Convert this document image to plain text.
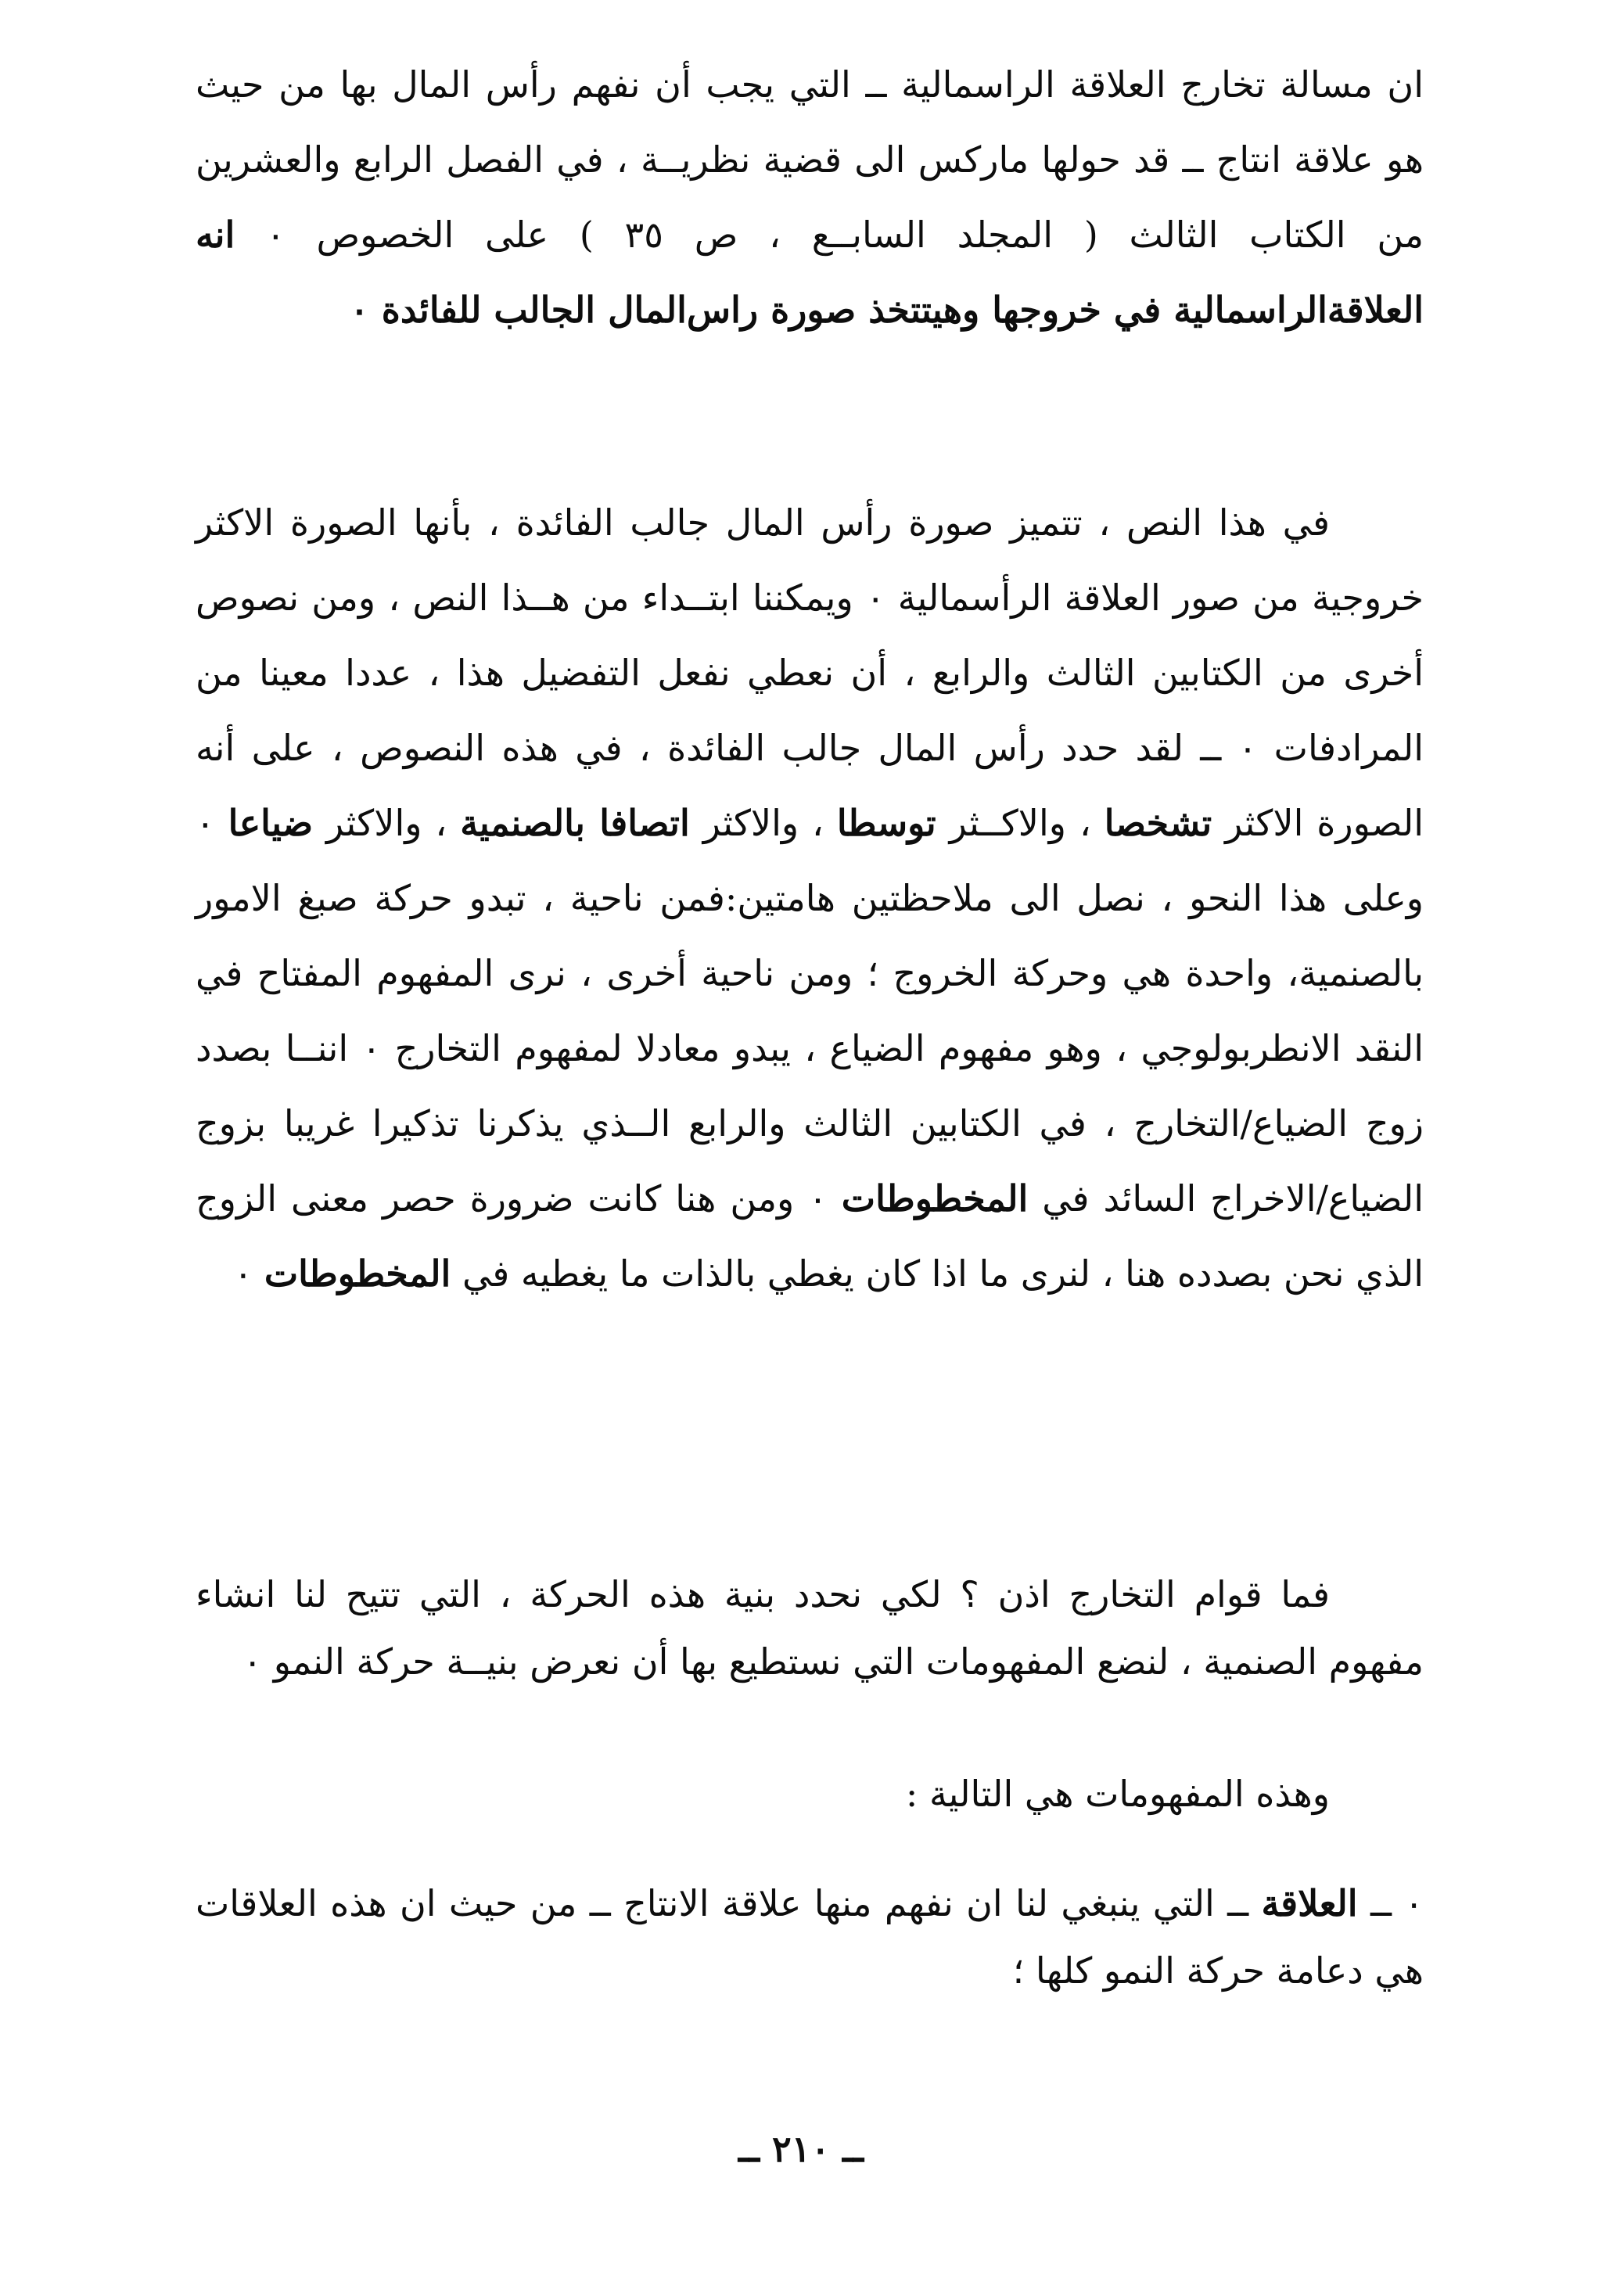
ان مسالة تخارج العلاقة الراسمالية ــ التي يجب أن نفهم رأس المال بها من حيث هو علاقة انتاج ــ قد حولها ماركس الى قضية نظريــة ، في الفصل الرابع والعشرين من الكتاب الثالث ( المجلد السابــع ، ص ٣٥ ) على الخصوص ۰ انه العلاقةالراسمالية في خروجها وهيتتخذ صورة راس‌المال الجالب للفائدة ۰

في هذا النص ، تتميز صورة رأس المال جالب الفائدة ، بأنها الصورة الاكثر خروجية من صور العلاقة الرأسمالية ۰ ويمكننا ابتــداء من هــذا النص ، ومن نصوص أخرى من الكتابين الثالث والرابع ، أن نعطي نفعل التفضيل هذا ، عددا معينا من المرادفات ۰ ــ لقد حدد رأس المال جالب الفائدة ، في هذه النصوص ، على أنه الصورة الاكثر تشخصا ، والاكــثر توسطا ، والاكثر اتصافا بالصنمية ، والاكثر ضياعا ۰ وعلى هذا النحو ، نصل الى ملاحظتين هامتين:فمن ناحية ، تبدو حركة صبغ الامور بالصنمية، واحدة هي وحركة الخروج ؛ ومن ناحية أخرى ، نرى المفهوم المفتاح في النقد الانطربولوجي ، وهو مفهوم الضياع ، يبدو معادلا لمفهوم التخارج ۰ اننــا بصدد زوج الضياع/التخارج ، في الكتابين الثالث والرابع الــذي يذكرنا تذكيرا غريبا بزوج الضياع/الاخراج السائد في المخطوطات ۰ ومن هنا كانت ضرورة حصر معنى الزوج الذي نحن بصدده هنا ، لنرى ما اذا كان يغطي بالذات ما يغطيه في المخطوطات ۰

فما قوام التخارج اذن ؟ لكي نحدد بنية هذه الحركة ، التي تتيح لنا انشاء مفهوم الصنمية ، لنضع المفهومات التي نستطيع بها أن نعرض بنيــة حركة النمو ۰

وهذه المفهومات هي التالية :

۰ ــ العلاقة ــ التي ينبغي لنا ان نفهم منها علاقة الانتاج ــ من حيث ان هذه العلاقات هي دعامة حركة النمو كلها ؛

ــ ٢١٠ ــ
